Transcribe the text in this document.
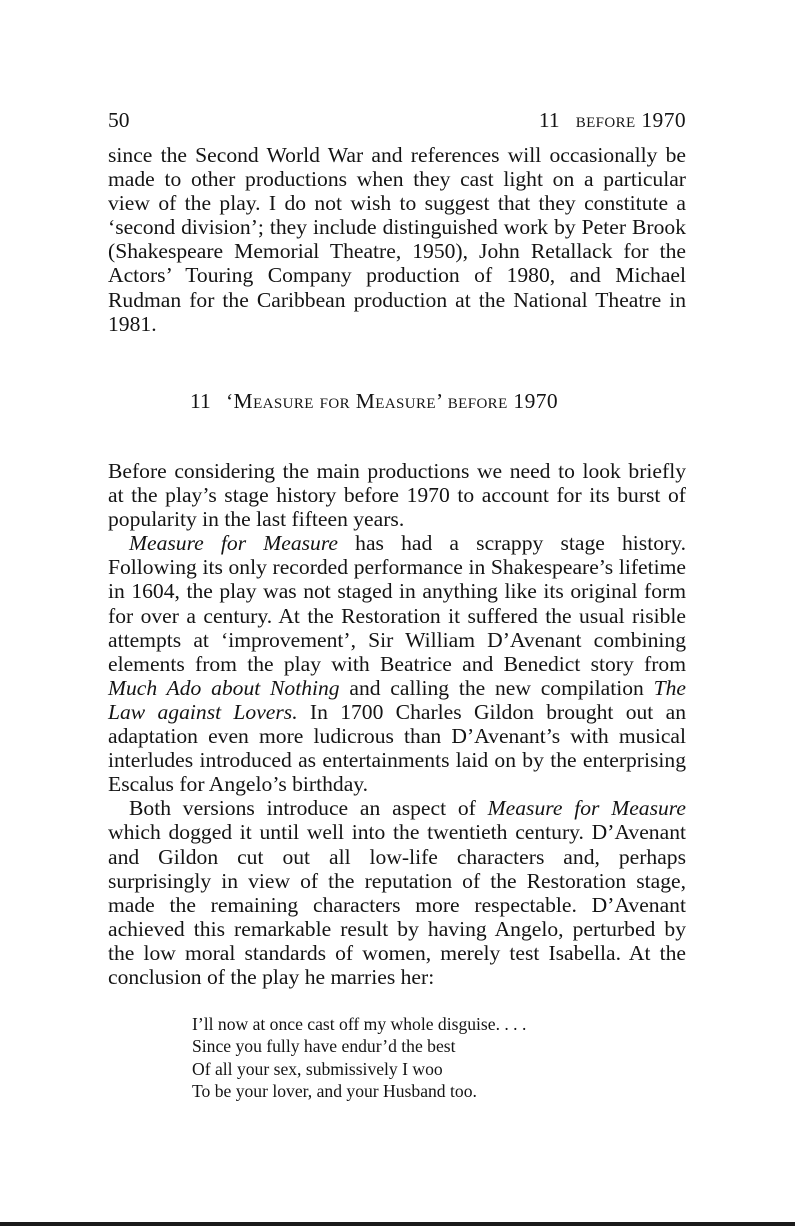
50	11 before 1970

since the Second World War and references will occasionally be made to other productions when they cast light on a particular view of the play. I do not wish to suggest that they constitute a ‘second division’; they include distinguished work by Peter Brook (Shakespeare Memorial Theatre, 1950), John Retallack for the Actors’ Touring Company production of 1980, and Michael Rudman for the Caribbean production at the National Theatre in 1981.

11 ‘Measure for Measure’ before 1970

Before considering the main productions we need to look briefly at the play’s stage history before 1970 to account for its burst of popularity in the last fifteen years.

Measure for Measure has had a scrappy stage history. Following its only recorded performance in Shakespeare’s lifetime in 1604, the play was not staged in anything like its original form for over a century. At the Restoration it suffered the usual risible attempts at ‘improvement’, Sir William D’Avenant combining elements from the play with Beatrice and Benedict story from Much Ado about Nothing and calling the new compilation The Law against Lovers. In 1700 Charles Gildon brought out an adaptation even more ludicrous than D’Avenant’s with musical interludes introduced as entertainments laid on by the enterprising Escalus for Angelo’s birthday.

Both versions introduce an aspect of Measure for Measure which dogged it until well into the twentieth century. D’Avenant and Gildon cut out all low-life characters and, perhaps surprisingly in view of the reputation of the Restoration stage, made the remaining characters more respectable. D’Avenant achieved this remarkable result by having Angelo, perturbed by the low moral standards of women, merely test Isabella. At the conclusion of the play he marries her:

I’ll now at once cast off my whole disguise. . . .
Since you fully have endur’d the best
Of all your sex, submissively I woo
To be your lover, and your Husband too.
